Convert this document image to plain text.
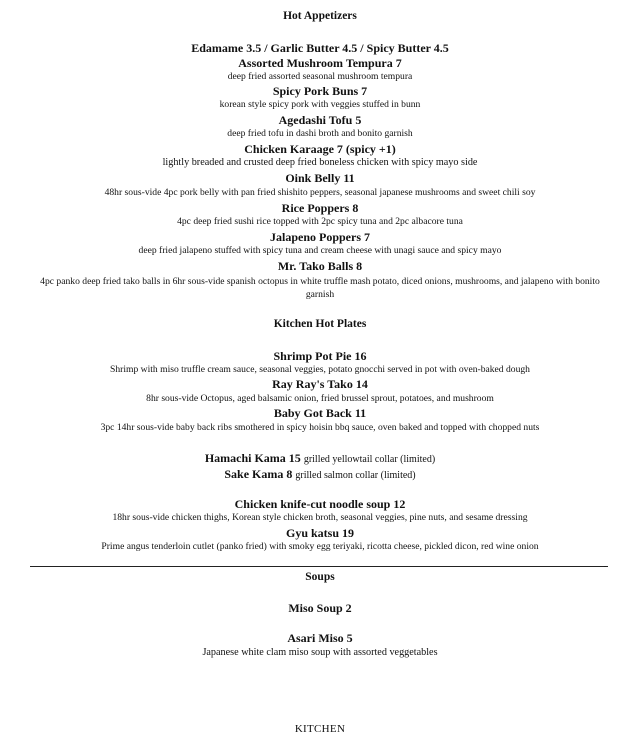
Hot Appetizers
Edamame 3.5 / Garlic Butter 4.5 / Spicy Butter 4.5
Assorted Mushroom Tempura 7
deep fried assorted seasonal mushroom tempura
Spicy Pork Buns 7
korean style spicy pork with veggies stuffed in bunn
Agedashi Tofu 5
deep fried tofu in dashi broth and bonito garnish
Chicken Karaage 7 (spicy +1)
lightly breaded and crusted deep fried boneless chicken with spicy mayo side
Oink Belly 11
48hr sous-vide 4pc pork belly with pan fried shishito peppers, seasonal japanese mushrooms and sweet chili soy
Rice Poppers 8
4pc deep fried sushi rice topped with 2pc spicy tuna and 2pc albacore tuna
Jalapeno Poppers 7
deep fried jalapeno stuffed with spicy tuna and cream cheese with unagi sauce and spicy mayo
Mr. Tako Balls 8
4pc panko deep fried tako balls in 6hr sous-vide spanish octopus in white truffle mash potato, diced onions, mushrooms, and jalapeno with bonito garnish
Kitchen Hot Plates
Shrimp Pot Pie 16
Shrimp with miso truffle cream sauce, seasonal veggies, potato gnocchi served in pot with oven-baked dough
Ray Ray's Tako 14
8hr sous-vide Octopus, aged balsamic onion, fried brussel sprout, potatoes, and mushroom
Baby Got Back 11
3pc 14hr sous-vide baby back ribs smothered in spicy hoisin bbq sauce, oven baked and topped with chopped nuts
Hamachi Kama 15 grilled yellowtail collar (limited)
Sake Kama 8 grilled salmon collar (limited)
Chicken knife-cut noodle soup 12
18hr sous-vide chicken thighs, Korean style chicken broth, seasonal veggies, pine nuts, and sesame dressing
Gyu katsu 19
Prime angus tenderloin cutlet (panko fried) with smoky egg teriyaki, ricotta cheese, pickled dicon, red wine onion
.
Soups
Miso Soup 2
Asari Miso 5
Japanese white clam miso soup with assorted veggetables
KITCHEN
